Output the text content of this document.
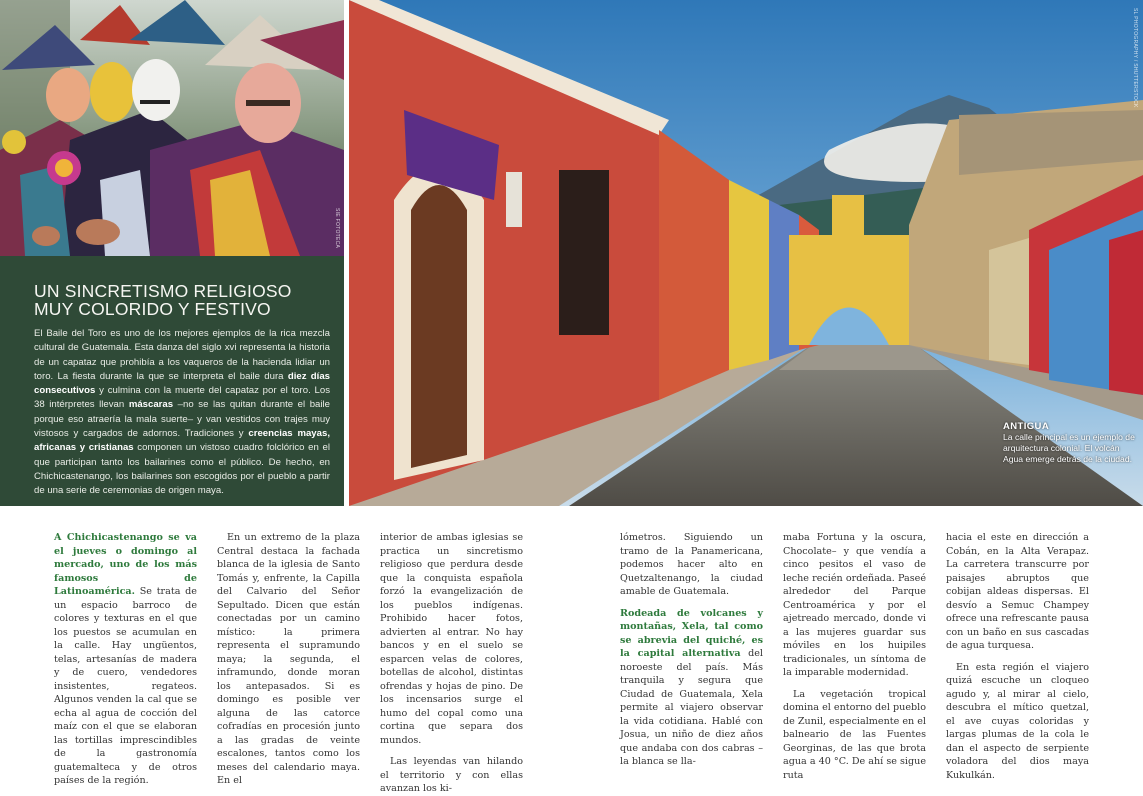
SIE FOTOTECA
UN SINCRETISMO RELIGIOSO
MUY COLORIDO Y FESTIVO

El Baile del Toro es uno de los mejores ejemplos de la rica mezcla cultural de Guatemala. Esta danza del siglo xvi representa la historia de un capataz que prohibía a los vaqueros de la hacienda lidiar un toro. La fiesta durante la que se interpreta el baile dura diez días consecutivos y culmina con la muerte del capataz por el toro. Los 38 intérpretes llevan máscaras –no se las quitan durante el baile porque eso atraería la mala suerte– y van vestidos con trajes muy vistosos y cargados de adornos. Tradiciones y creencias mayas, africanas y cristianas componen un vistoso cuadro folclórico en el que participan tanto los bailarines como el público. De hecho, en Chichicastenango, los bailarines son escogidos por el pueblo a partir de una serie de ceremonias de origen maya.

SL PHOTOGRAPHY / SHUTTERSTOCK
ANTIGUA
La calle principal es un ejemplo de arquitectura colonial. El volcán Agua emerge detrás de la ciudad.

A Chichicastenango se va el jueves o domingo al mercado, uno de los más famosos de Latinoamérica. Se trata de un espacio barroco de colores y texturas en el que los puestos se acumulan en la calle. Hay ungüentos, telas, artesanías de madera y de cuero, vendedores insistentes, regateos. Algunos venden la cal que se echa al agua de cocción del maíz con el que se elaboran las tortillas imprescindibles de la gastronomía guatemalteca y de otros países de la región.

En un extremo de la plaza Central destaca la fachada blanca de la iglesia de Santo Tomás y, enfrente, la Capilla del Calvario del Señor Sepultado. Dicen que están conectadas por un camino místico: la primera representa el supramundo maya; la segunda, el inframundo, donde moran los antepasados. Si es domingo es posible ver alguna de las catorce cofradías en procesión junto a las gradas de veinte escalones, tantos como los meses del calendario maya. En el

interior de ambas iglesias se practica un sincretismo religioso que perdura desde que la conquista española forzó la evangelización de los pueblos indígenas. Prohibido hacer fotos, advierten al entrar. No hay bancos y en el suelo se esparcen velas de colores, botellas de alcohol, distintas ofrendas y hojas de pino. De los incensarios surge el humo del copal como una cortina que separa dos mundos.

Las leyendas van hilando el territorio y con ellas avanzan los ki-

lómetros. Siguiendo un tramo de la Panamericana, podemos hacer alto en Quetzaltenango, la ciudad amable de Guatemala.

Rodeada de volcanes y montañas, Xela, tal como se abrevia del quiché, es la capital alternativa del noroeste del país. Más tranquila y segura que Ciudad de Guatemala, Xela permite al viajero observar la vida cotidiana. Hablé con Josua, un niño de diez años que andaba con dos cabras –la blanca se lla-

maba Fortuna y la oscura, Chocolate– y que vendía a cinco pesitos el vaso de leche recién ordeñada. Paseé alrededor del Parque Centroamérica y por el ajetreado mercado, donde vi a las mujeres guardar sus móviles en los huipiles tradicionales, un síntoma de la imparable modernidad.

La vegetación tropical domina el entorno del pueblo de Zunil, especialmente en el balneario de las Fuentes Georginas, de las que brota agua a 40 °C. De ahí se sigue ruta

hacia el este en dirección a Cobán, en la Alta Verapaz. La carretera transcurre por paisajes abruptos que cobijan aldeas dispersas. El desvío a Semuc Champey ofrece una refrescante pausa con un baño en sus cascadas de agua turquesa.

En esta región el viajero quizá escuche un cloqueo agudo y, al mirar al cielo, descubra el mítico quetzal, el ave cuyas coloridas y largas plumas de la cola le dan el aspecto de serpiente voladora del dios maya Kukulkán.
